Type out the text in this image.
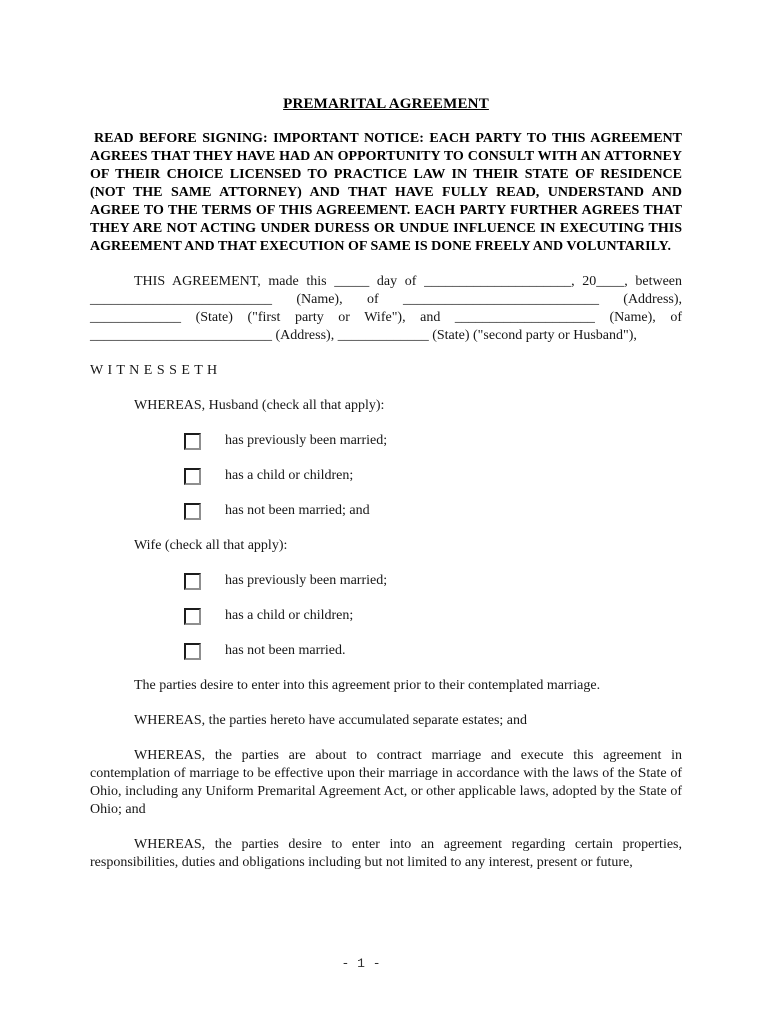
PREMARITAL AGREEMENT

READ BEFORE SIGNING: IMPORTANT NOTICE: EACH PARTY TO THIS AGREEMENT AGREES THAT THEY HAVE HAD AN OPPORTUNITY TO CONSULT WITH AN ATTORNEY OF THEIR CHOICE LICENSED TO PRACTICE LAW IN THEIR STATE OF RESIDENCE (NOT THE SAME ATTORNEY) AND THAT HAVE FULLY READ, UNDERSTAND AND AGREE TO THE TERMS OF THIS AGREEMENT. EACH PARTY FURTHER AGREES THAT THEY ARE NOT ACTING UNDER DURESS OR UNDUE INFLUENCE IN EXECUTING THIS AGREEMENT AND THAT EXECUTION OF SAME IS DONE FREELY AND VOLUNTARILY.

THIS AGREEMENT, made this _____ day of _____________________, 20____, between __________________________ (Name), of ____________________________ (Address), _____________ (State) ("first party or Wife"), and ____________________ (Name), of __________________________ (Address), _____________ (State) ("second party or Husband"),

W I T N E S S E T H

WHEREAS, Husband (check all that apply):

has previously been married;
has a child or children;
has not been married; and

Wife (check all that apply):

has previously been married;
has a child or children;
has not been married.

The parties desire to enter into this agreement prior to their contemplated marriage.

WHEREAS, the parties hereto have accumulated separate estates; and

WHEREAS, the parties are about to contract marriage and execute this agreement in contemplation of marriage to be effective upon their marriage in accordance with the laws of the State of Ohio, including any Uniform Premarital Agreement Act, or other applicable laws, adopted by the State of Ohio; and

WHEREAS, the parties desire to enter into an agreement regarding certain properties, responsibilities, duties and obligations including but not limited to any interest, present or future,

- 1 -
